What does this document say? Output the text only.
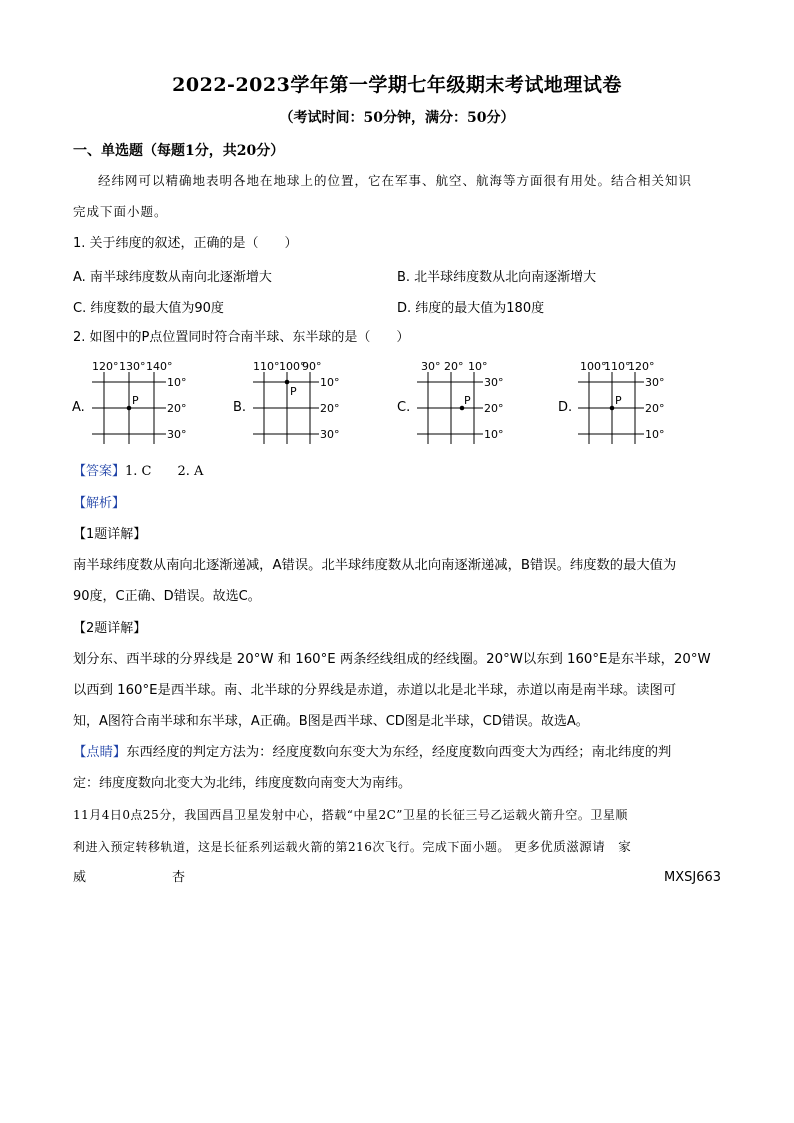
2022-2023学年第一学期七年级期末考试地理试卷
（考试时间：50分钟，满分：50分）
一、单选题（每题1分，共20分）
经纬网可以精确地表明各地在地球上的位置，它在军事、航空、航海等方面很有用处。结合相关知识
完成下面小题。
1. 关于纬度的叙述，正确的是（　　）
A. 南半球纬度数从南向北逐渐增大	B. 北半球纬度数从北向南逐渐增大
C. 纬度数的最大值为90度	D. 纬度的最大值为180度
2. 如图中的P点位置同时符合南半球、东半球的是（　　）
A.
120° 130° 140°
10°
20°
30°
P	B.
110° 100°
90°
10°
20°
30°
P
C.
30° 20° 10°
30°
20°
10°
P	D.
100°
110°
120°
30°
20°
10°
P
【答案】1. C　　2. A
【解析】
【1题详解】
南半球纬度数从南向北逐渐递减，A错误。北半球纬度数从北向南逐渐递减，B错误。纬度数的最大值为
90度，C正确、D错误。故选C。
【2题详解】
划分东、西半球的分界线是 20°W 和 160°E 两条经线组成的经线圈。20°W以东到 160°E是东半球，20°W
以西到 160°E是西半球。南、北半球的分界线是赤道，赤道以北是北半球，赤道以南是南半球。读图可
知，A图符合南半球和东半球，A正确。B图是西半球、CD图是北半球，CD错误。故选A。
【点睛】东西经度的判定方法为：经度度数向东变大为东经，经度度数向西变大为西经；南北纬度的判
定：纬度度数向北变大为北纬，纬度度数向南变大为南纬。
11月4日0点25分，我国西昌卫星发射中心，搭载“中星2C”卫星的长征三号乙运载火箭升空。卫星顺
利进入预定转移轨道，这是长征系列运载火箭的第216次飞行。完成下面小题。 更多优质滋源请　家
威	杏	MXSJ663
